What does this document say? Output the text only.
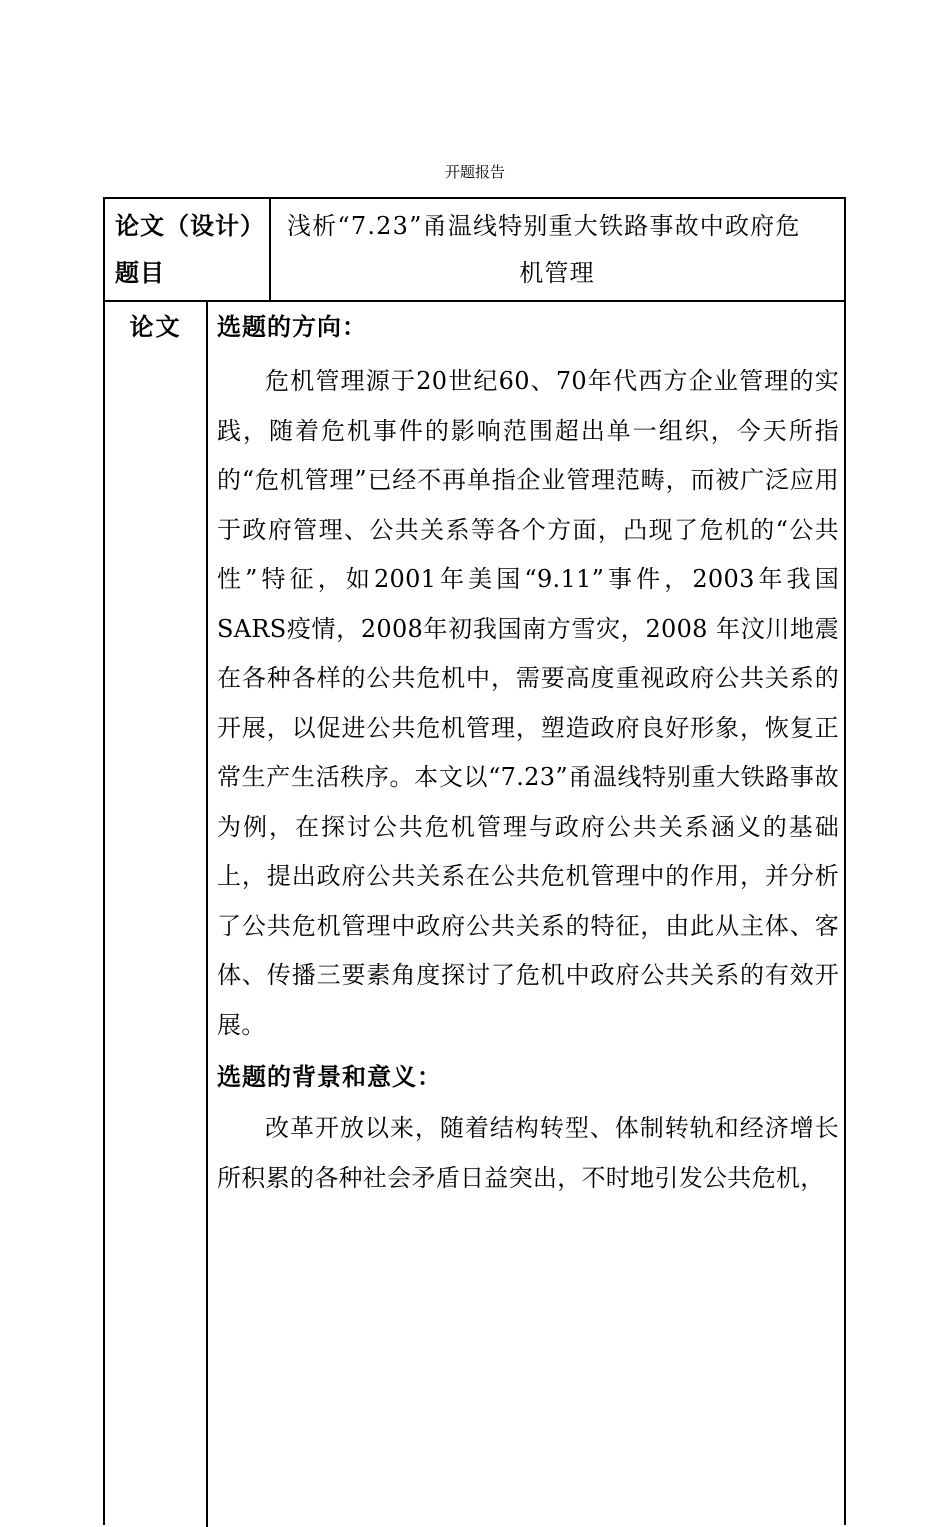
开题报告
论文（设计）题目
浅析“7.23”甬温线特别重大铁路事故中政府危
机管理
论文	选题的方向：

危机管理源于20世纪60、70年代西方企业管理的实践，随着危机事件的影响范围超出单一组织，今天所指的“危机管理”已经不再单指企业管理范畴，而被广泛应用于政府管理、公共关系等各个方面，凸现了危机的“公共性”特征，如2001年美国“9.11”事件，2003年我国SARS疫情，2008年初我国南方雪灾，2008 年汶川地震在各种各样的公共危机中，需要高度重视政府公共关系的开展，以促进公共危机管理，塑造政府良好形象，恢复正常生产生活秩序。本文以“7.23”甬温线特别重大铁路事故为例，在探讨公共危机管理与政府公共关系涵义的基础上，提出政府公共关系在公共危机管理中的作用，并分析了公共危机管理中政府公共关系的特征，由此从主体、客体、传播三要素角度探讨了危机中政府公共关系的有效开展。

选题的背景和意义：

改革开放以来，随着结构转型、体制转轨和经济增长所积累的各种社会矛盾日益突出，不时地引发公共危机，
